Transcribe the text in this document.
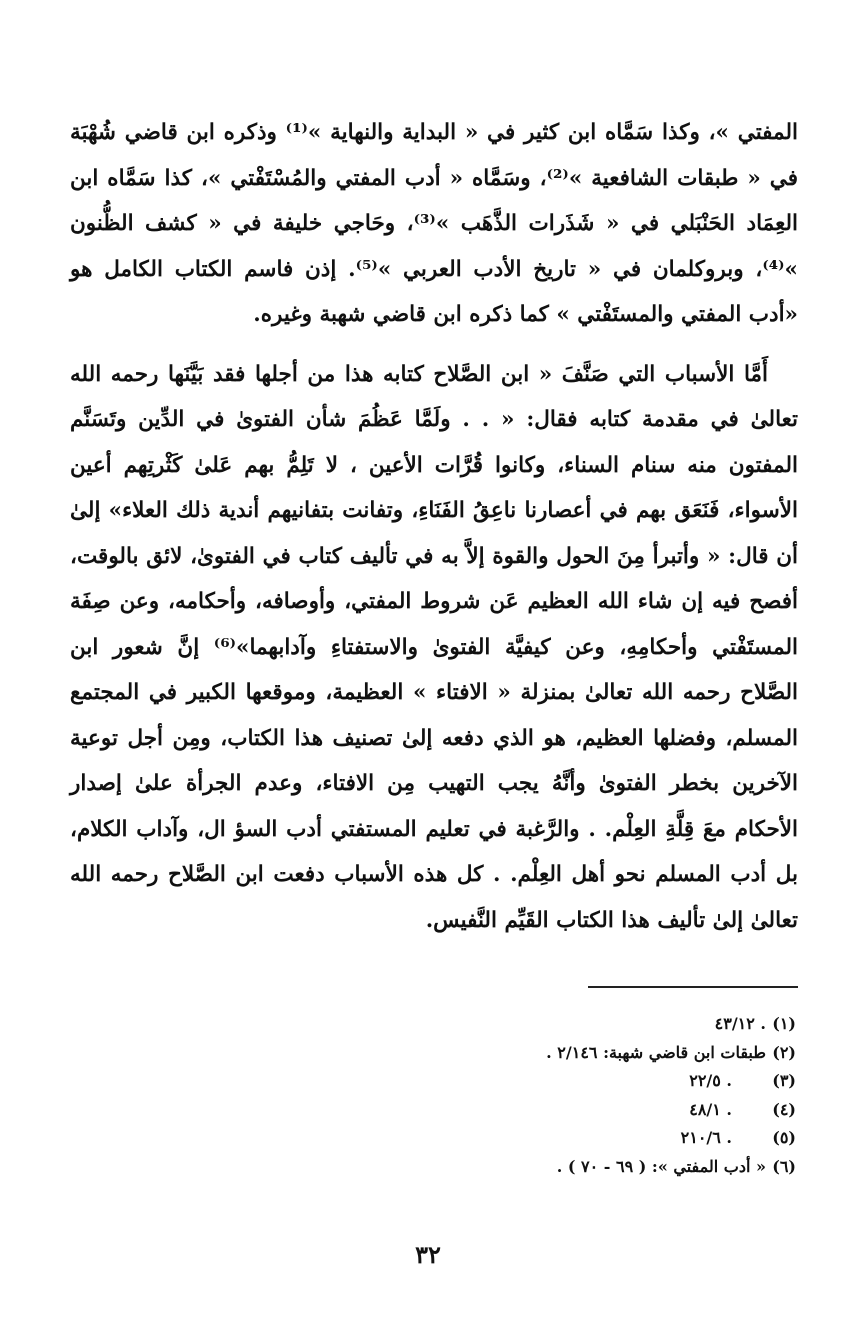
المفتي »، وكذا سَمَّاه ابن كثير في « البداية والنهاية »⁽¹⁾ وذكره ابن قاضي شُهْبَة في « طبقات الشافعية »⁽²⁾، وسَمَّاه « أدب المفتي والمُسْتَفْتي »، كذا سَمَّاه ابن العِمَاد الحَنْبَلي في « شَذَرات الذَّهَب »⁽³⁾، وحَاجي خليفة في « كشف الظُّنون »⁽⁴⁾، وبروكلمان في « تاريخ الأدب العربي »⁽⁵⁾. إذن فاسم الكتاب الكامل هو «أدب المفتي والمستَفْتي » كما ذكره ابن قاضي شهبة وغيره.

أَمَّا الأسباب التي صَنَّفَ « ابن الصَّلاح كتابه هذا من أجلها فقد بَيَّنَها رحمه الله تعالىٰ في مقدمة كتابه فقال: « . . ولَمَّا عَظُمَ شأن الفتوىٰ في الدِّين وتَسَنَّم المفتون منه سنام السناء، وكانوا قُرَّات الأعين ، لا تَلِمُّ بهم عَلىٰ كَثْرتِهم أعين الأسواء، فَنَعَق بهم في أعصارنا ناعِقُ الفَنَاءِ، وتفانت بتفانيهم أندية ذلك العلاء» إلىٰ أن قال: « وأتبرأ مِنَ الحول والقوة إلاَّ به في تأليف كتاب في الفتوىٰ، لائق بالوقت، أفصح فيه إن شاء الله العظيم عَن شروط المفتي، وأوصافه، وأحكامه، وعن صِفَة المستَفْتي وأحكامِهِ، وعن كيفيَّة الفتوىٰ والاستفتاءِ وآدابهما»⁽⁶⁾ إنَّ شعور ابن الصَّلاح رحمه الله تعالىٰ بمنزلة « الافتاء » العظيمة، وموقعها الكبير في المجتمع المسلم، وفضلها العظيم، هو الذي دفعه إلىٰ تصنيف هذا الكتاب، ومِن أجل توعية الآخرين بخطر الفتوىٰ وأنَّهُ يجب التهيب مِن الافتاء، وعدم الجرأة علىٰ إصدار الأحكام معَ قِلَّةِ العِلْم. . والرَّغبة في تعليم المستفتي أدب السؤ ال، وآداب الكلام، بل أدب المسلم نحو أهل العِلْم. . كل هذه الأسباب دفعت ابن الصَّلاح رحمه الله تعالىٰ إلىٰ تأليف هذا الكتاب القَيِّم النَّفيس.

(١)
. ٤٣/١٢
(٢)
طبقات ابن قاضي شهبة: ٢/١٤٦ .
(٣)
. ٢٢/٥
(٤)
. ٤٨/١
(٥)
. ٢١٠/٦
(٦)
« أدب المفتي »: ( ٦٩ - ٧٠ ) .
٣٢
